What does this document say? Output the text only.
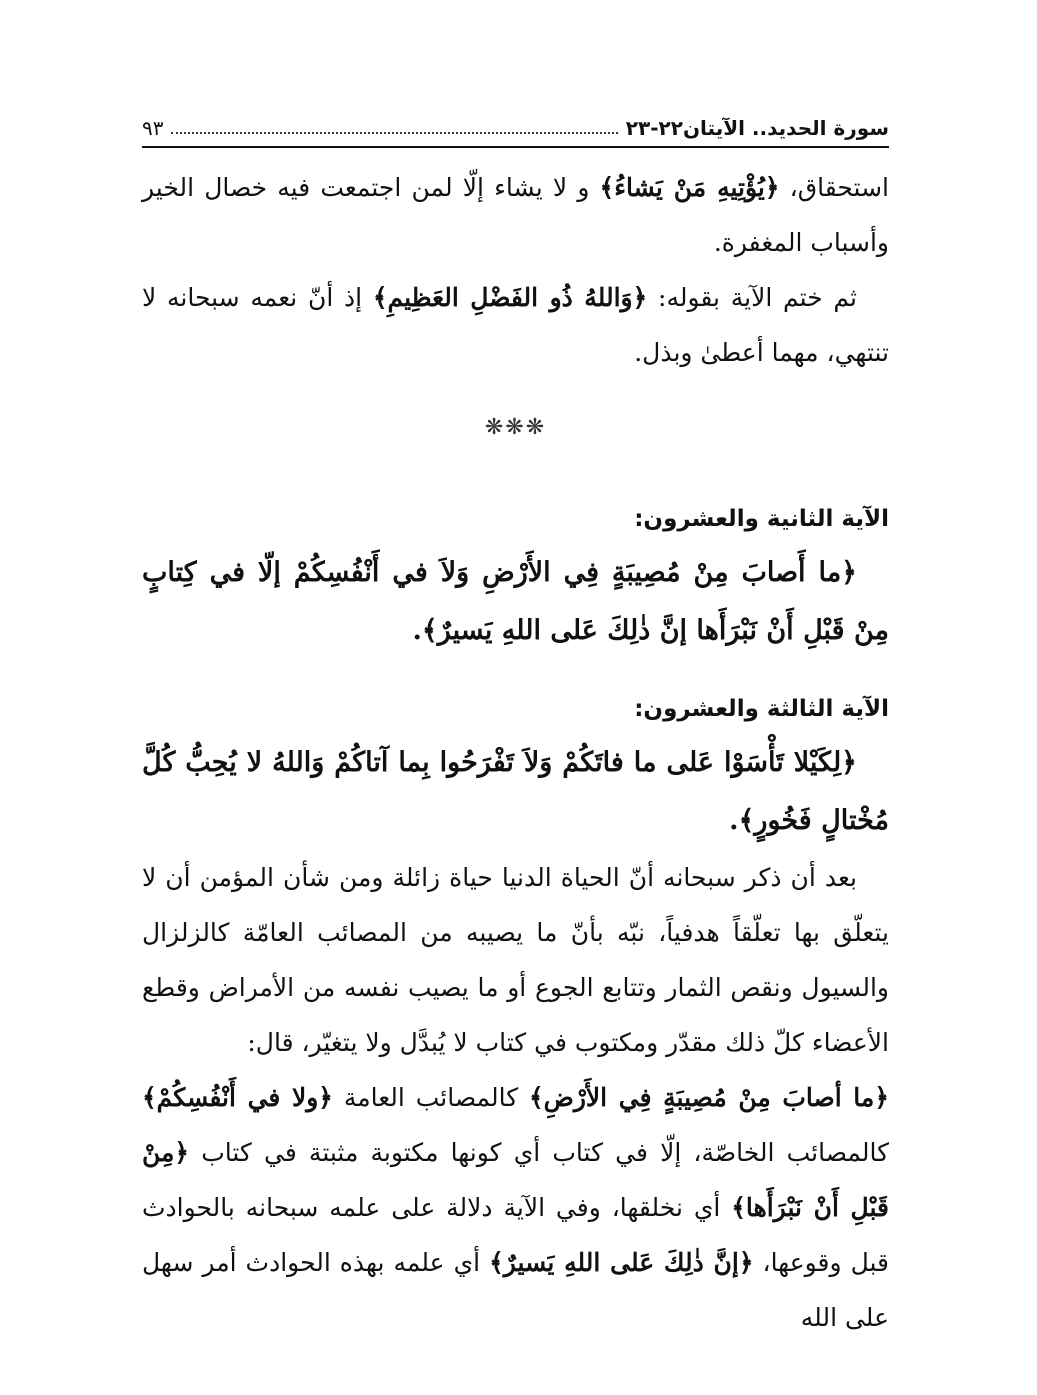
سورة الحديد.. الآيتان٢٢-٢٣
٩٣

استحقاق، ﴿يُؤْتِيهِ مَنْ يَشاءُ﴾ و لا يشاء إلّا لمن اجتمعت فيه خصال الخير وأسباب المغفرة.

ثم ختم الآية بقوله: ﴿وَاللهُ ذُو الفَضْلِ العَظِيمِ﴾ إذ أنّ نعمه سبحانه لا تنتهي، مهما أعطىٰ وبذل.

❋❋❋
الآية الثانية والعشرون:

﴿ما أَصابَ مِنْ مُصِيبَةٍ فِي الأَرْضِ وَلاَ في أَنْفُسِكُمْ إلّا في كِتابٍ مِنْ قَبْلِ أَنْ نَبْرَأَها إنَّ ذٰلِكَ عَلى اللهِ يَسيرٌ﴾.

الآية الثالثة والعشرون:

﴿لِكَيْلا تَأْسَوْا عَلى ما فاتَكُمْ وَلاَ تَفْرَحُوا بِما آتاكُمْ وَاللهُ لا يُحِبُّ كُلَّ مُخْتالٍ فَخُورٍ﴾.

بعد أن ذكر سبحانه أنّ الحياة الدنيا حياة زائلة ومن شأن المؤمن أن لا يتعلّق بها تعلّقاً هدفياً، نبّه بأنّ ما يصيبه من المصائب العامّة كالزلزال والسيول ونقص الثمار وتتابع الجوع أو ما يصيب نفسه من الأمراض وقطع الأعضاء كلّ ذلك مقدّر ومكتوب في كتاب لا يُبدَّل ولا يتغيّر، قال:

﴿ما أصابَ مِنْ مُصِيبَةٍ فِي الأَرْضِ﴾ كالمصائب العامة ﴿ولا في أَنْفُسِكُمْ﴾ كالمصائب الخاصّة، إلّا في كتاب أي كونها مكتوبة مثبتة في كتاب ﴿مِنْ قَبْلِ أَنْ نَبْرَأَها﴾ أي نخلقها، وفي الآية دلالة على علمه سبحانه بالحوادث قبل وقوعها، ﴿إنَّ ذٰلِكَ عَلى اللهِ يَسيرٌ﴾ أي علمه بهذه الحوادث أمر سهل على الله
